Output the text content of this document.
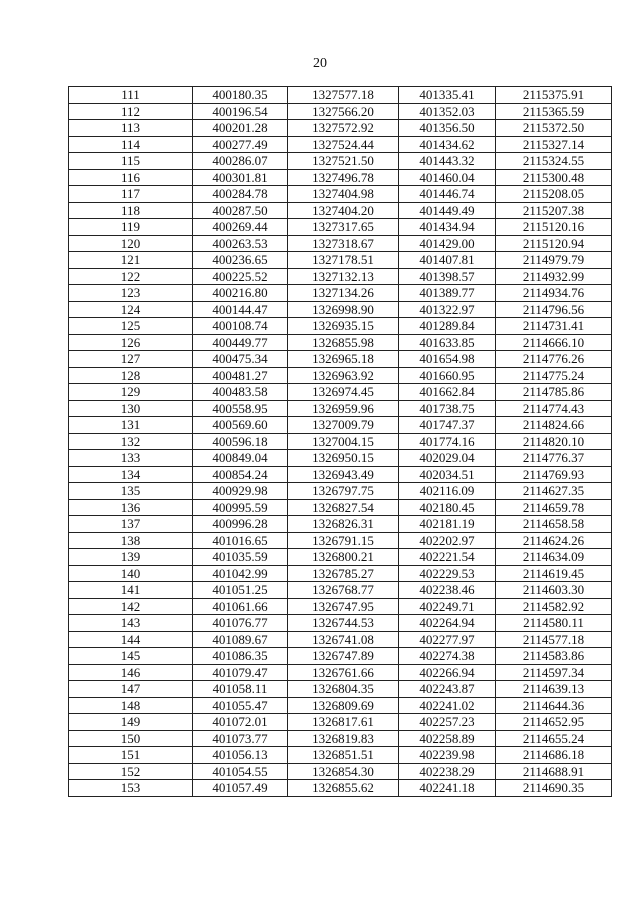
20
111	400180.35	1327577.18	401335.41	2115375.91
112	400196.54	1327566.20	401352.03	2115365.59
113	400201.28	1327572.92	401356.50	2115372.50
114	400277.49	1327524.44	401434.62	2115327.14
115	400286.07	1327521.50	401443.32	2115324.55
116	400301.81	1327496.78	401460.04	2115300.48
117	400284.78	1327404.98	401446.74	2115208.05
118	400287.50	1327404.20	401449.49	2115207.38
119	400269.44	1327317.65	401434.94	2115120.16
120	400263.53	1327318.67	401429.00	2115120.94
121	400236.65	1327178.51	401407.81	2114979.79
122	400225.52	1327132.13	401398.57	2114932.99
123	400216.80	1327134.26	401389.77	2114934.76
124	400144.47	1326998.90	401322.97	2114796.56
125	400108.74	1326935.15	401289.84	2114731.41
126	400449.77	1326855.98	401633.85	2114666.10
127	400475.34	1326965.18	401654.98	2114776.26
128	400481.27	1326963.92	401660.95	2114775.24
129	400483.58	1326974.45	401662.84	2114785.86
130	400558.95	1326959.96	401738.75	2114774.43
131	400569.60	1327009.79	401747.37	2114824.66
132	400596.18	1327004.15	401774.16	2114820.10
133	400849.04	1326950.15	402029.04	2114776.37
134	400854.24	1326943.49	402034.51	2114769.93
135	400929.98	1326797.75	402116.09	2114627.35
136	400995.59	1326827.54	402180.45	2114659.78
137	400996.28	1326826.31	402181.19	2114658.58
138	401016.65	1326791.15	402202.97	2114624.26
139	401035.59	1326800.21	402221.54	2114634.09
140	401042.99	1326785.27	402229.53	2114619.45
141	401051.25	1326768.77	402238.46	2114603.30
142	401061.66	1326747.95	402249.71	2114582.92
143	401076.77	1326744.53	402264.94	2114580.11
144	401089.67	1326741.08	402277.97	2114577.18
145	401086.35	1326747.89	402274.38	2114583.86
146	401079.47	1326761.66	402266.94	2114597.34
147	401058.11	1326804.35	402243.87	2114639.13
148	401055.47	1326809.69	402241.02	2114644.36
149	401072.01	1326817.61	402257.23	2114652.95
150	401073.77	1326819.83	402258.89	2114655.24
151	401056.13	1326851.51	402239.98	2114686.18
152	401054.55	1326854.30	402238.29	2114688.91
153	401057.49	1326855.62	402241.18	2114690.35
